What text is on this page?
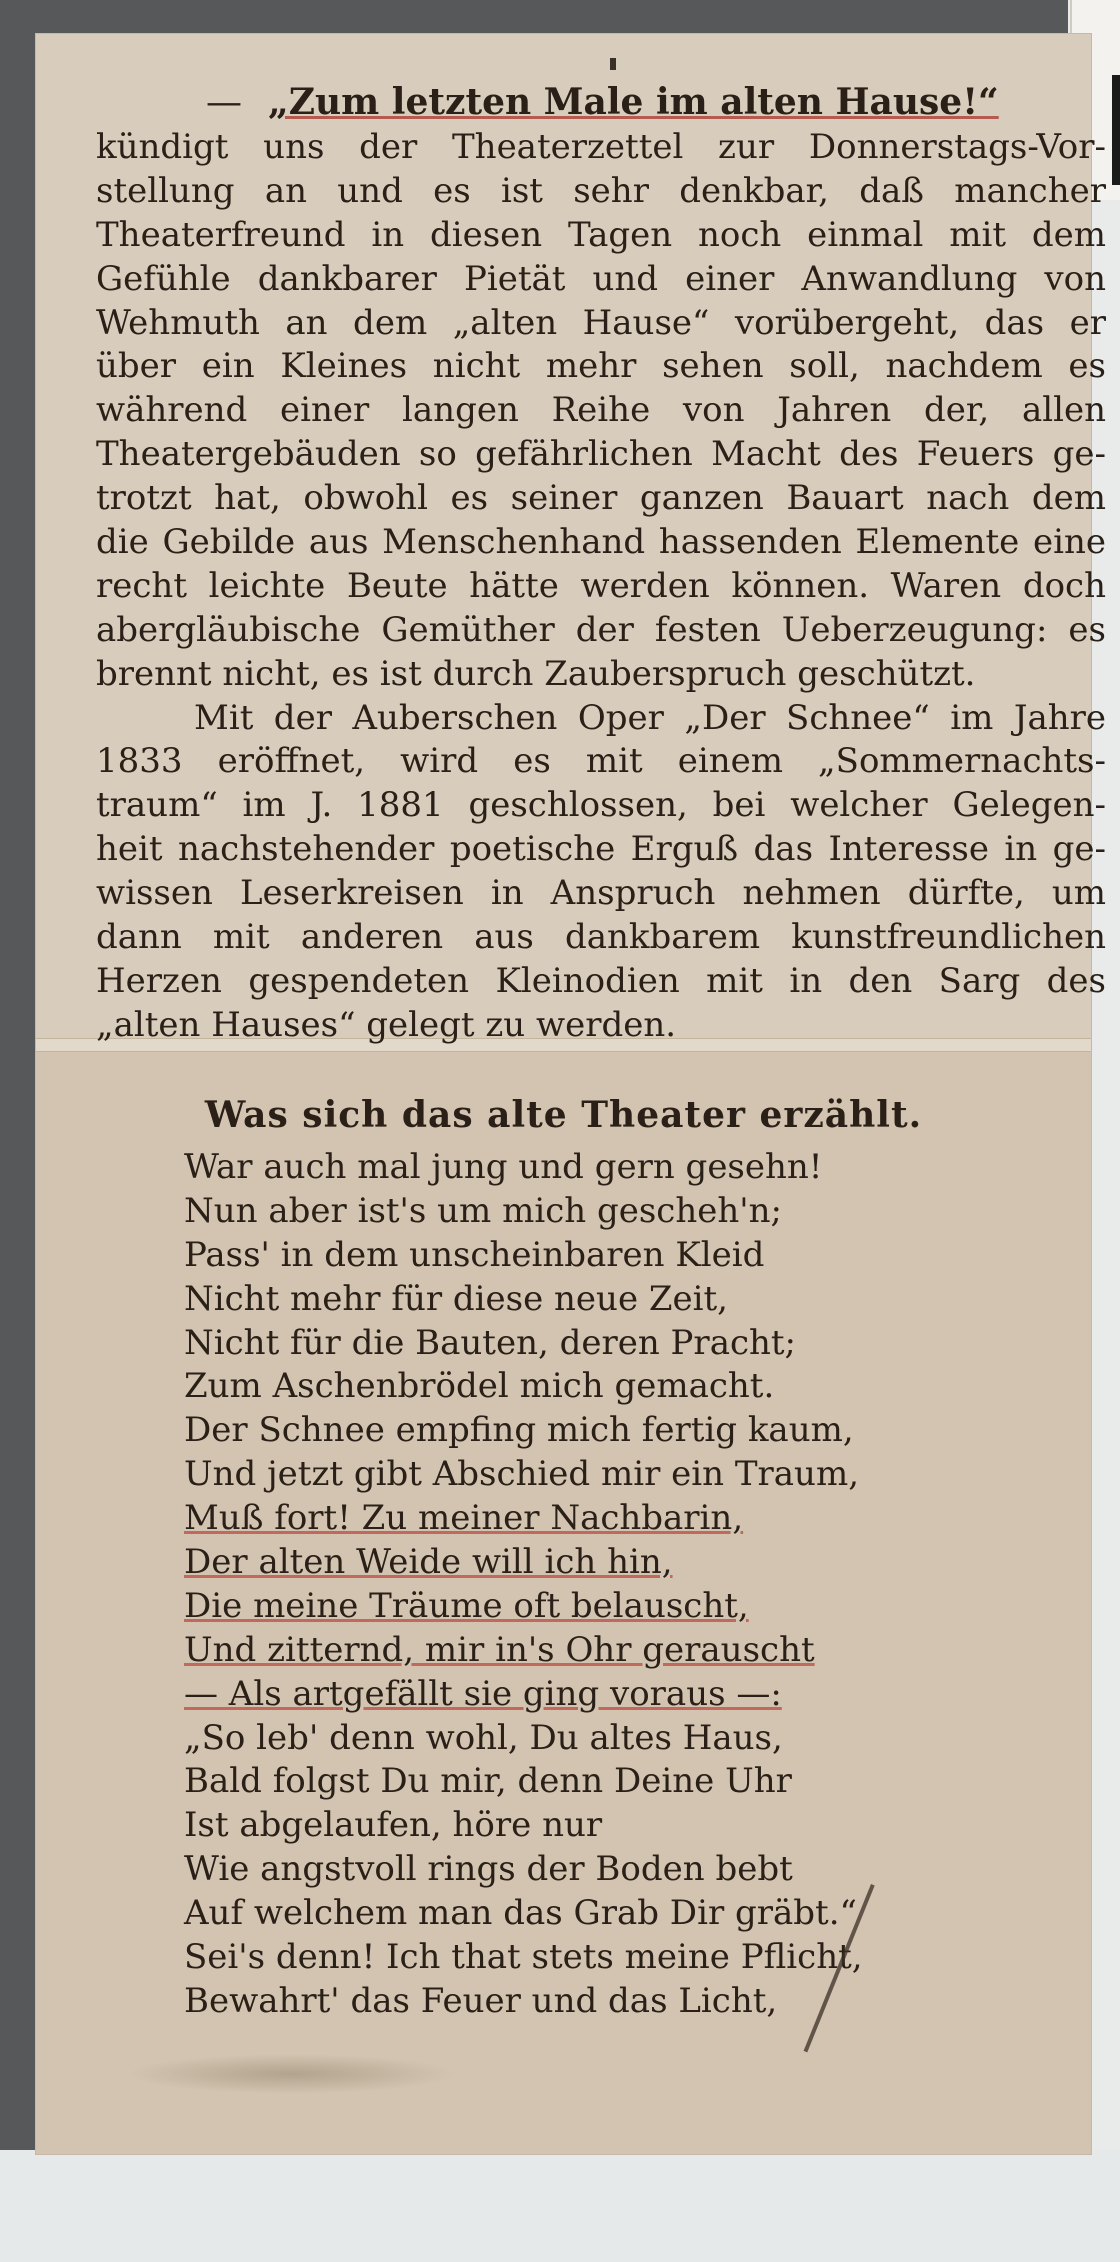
— „Zum letzten Male im alten Hause!“
kündigt uns der Theaterzettel zur Donnerstags-Vor-
stellung an und es ist sehr denkbar, daß mancher
Theaterfreund in diesen Tagen noch einmal mit dem
Gefühle dankbarer Pietät und einer Anwandlung von
Wehmuth an dem „alten Hause“ vorübergeht, das er
über ein Kleines nicht mehr sehen soll, nachdem es
während einer langen Reihe von Jahren der, allen
Theatergebäuden so gefährlichen Macht des Feuers ge-
trotzt hat, obwohl es seiner ganzen Bauart nach dem
die Gebilde aus Menschenhand hassenden Elemente eine
recht leichte Beute hätte werden können. Waren doch
abergläubische Gemüther der festen Ueberzeugung: es
brennt nicht, es ist durch Zauberspruch geschützt.
Mit der Auberschen Oper „Der Schnee“ im Jahre
1833 eröffnet, wird es mit einem „Sommernachts-
traum“ im J. 1881 geschlossen, bei welcher Gelegen-
heit nachstehender poetische Erguß das Interesse in ge-
wissen Leserkreisen in Anspruch nehmen dürfte, um
dann mit anderen aus dankbarem kunstfreundlichen
Herzen gespendeten Kleinodien mit in den Sarg des
„alten Hauses“ gelegt zu werden.
Was sich das alte Theater erzählt.
War auch mal jung und gern gesehn!
Nun aber ist's um mich gescheh'n;
Pass' in dem unscheinbaren Kleid
Nicht mehr für diese neue Zeit,
Nicht für die Bauten, deren Pracht;
Zum Aschenbrödel mich gemacht.
Der Schnee empfing mich fertig kaum,
Und jetzt gibt Abschied mir ein Traum,
Muß fort! Zu meiner Nachbarin,
Der alten Weide will ich hin,
Die meine Träume oft belauscht,
Und zitternd, mir in's Ohr gerauscht
— Als artgefällt sie ging voraus —:
„So leb' denn wohl, Du altes Haus,
Bald folgst Du mir, denn Deine Uhr
Ist abgelaufen, höre nur
Wie angstvoll rings der Boden bebt
Auf welchem man das Grab Dir gräbt.“
Sei's denn! Ich that stets meine Pflicht,
Bewahrt' das Feuer und das Licht,
